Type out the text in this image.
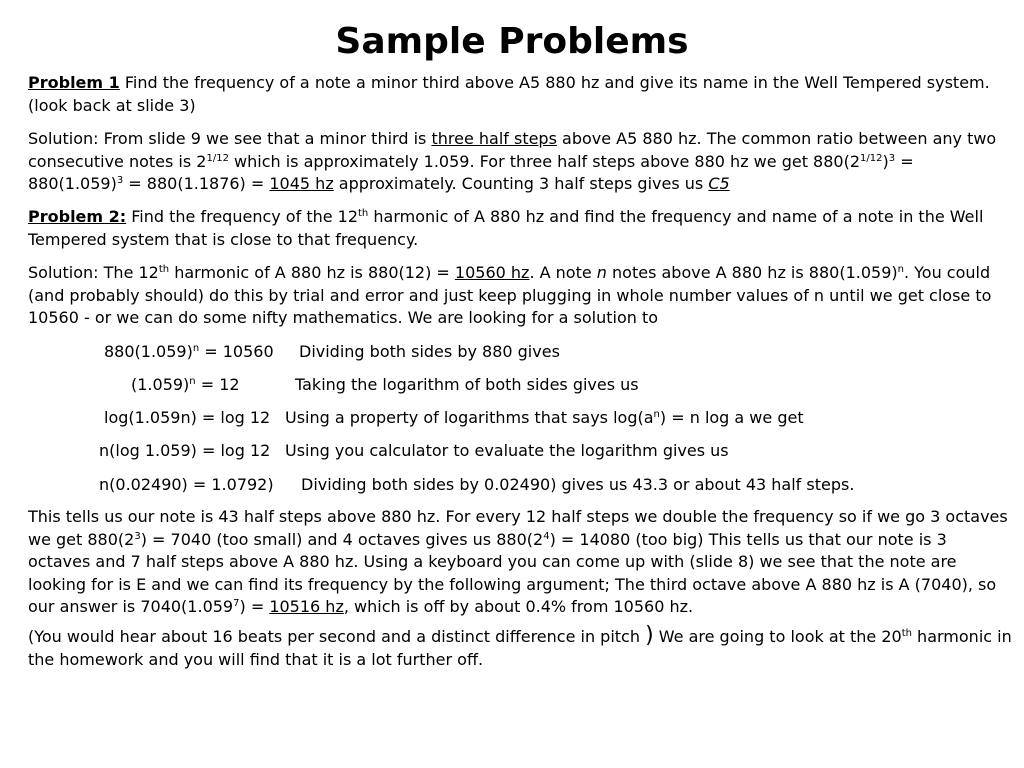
Sample Problems

Problem 1 Find the frequency of a note a minor third above A5 880 hz and give its name in the Well Tempered system. (look back at slide 3)

Solution: From slide 9 we see that a minor third is three half steps above A5 880 hz. The common ratio between any two consecutive notes is $2^{1/12}$ which is approximately 1.059. For three half steps above 880 hz we get $880(2^{1/12})^3 = 880(1.059)^3 = 880(1.1876) = 1045$ hz approximately. Counting 3 half steps gives us C5

Problem 2: Find the frequency of the 12th harmonic of A 880 hz and find the frequency and name of a note in the Well Tempered system that is close to that frequency.

Solution: The 12th harmonic of A 880 hz is 880(12) = 10560 hz. A note n notes above A 880 hz is $880(1.059)^n$. You could (and probably should) do this by trial and error and just keep plugging in whole number values of n until we get close to 10560 - or we can do some nifty mathematics. We are looking for a solution to

$880(1.059)^n = 10560$ Dividing both sides by 880 gives
$(1.059)^n = 12$	Taking the logarithm of both sides gives us
log(1.059n) = log 12 Using a property of logarithms that says $\log(a^n) = n$ log a we get
n(log 1.059) = log 12 Using you calculator to evaluate the logarithm gives us
n(0.02490) = 1.0792) Dividing both sides by 0.02490) gives us 43.3 or about 43 half steps.

This tells us our note is 43 half steps above 880 hz. For every 12 half steps we double the frequency so if we go 3 octaves we get $880(2^3) = 7040$ (too small) and 4 octaves gives us $880(2^4) = 14080$ (too big) This tells us that our note is 3 octaves and 7 half steps above A 880 hz. Using a keyboard you can come up with (slide 8) we see that the note are looking for is E and we can find its frequency by the following argument; The third octave above A 880 hz is A (7040), so our answer is $7040(1.059^7) = 10516$ hz, which is off by about 0.4% from 10560 hz.

(You would hear about 16 beats per second and a distinct difference in pitch ) We are going to look at the 20th harmonic in the homework and you will find that it is a lot further off.
